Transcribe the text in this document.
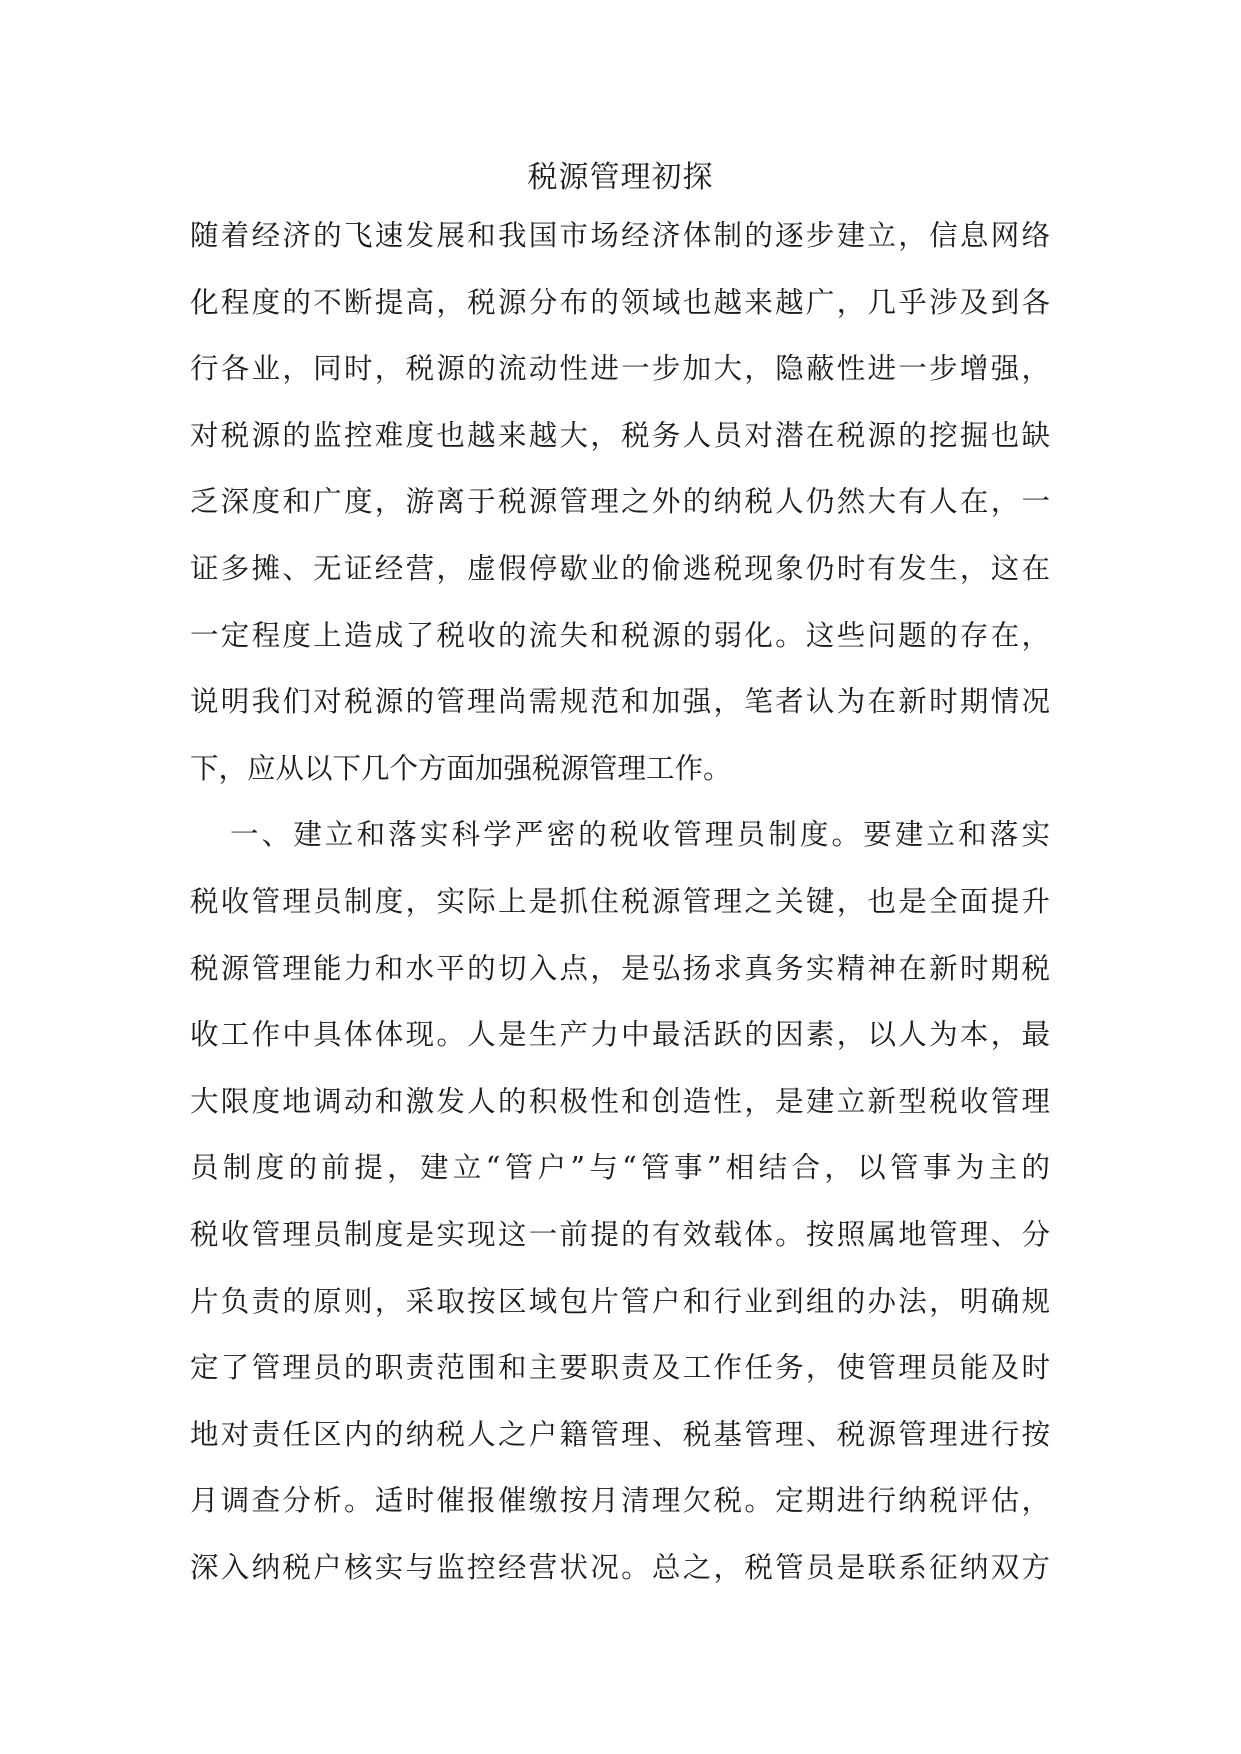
税源管理初探
随着经济的飞速发展和我国市场经济体制的逐步建立，信息网络
化程度的不断提高，税源分布的领域也越来越广，几乎涉及到各
行各业，同时，税源的流动性进一步加大，隐蔽性进一步增强，
对税源的监控难度也越来越大，税务人员对潜在税源的挖掘也缺
乏深度和广度，游离于税源管理之外的纳税人仍然大有人在，一
证多摊、无证经营，虚假停歇业的偷逃税现象仍时有发生，这在
一定程度上造成了税收的流失和税源的弱化。这些问题的存在，
说明我们对税源的管理尚需规范和加强，笔者认为在新时期情况
下，应从以下几个方面加强税源管理工作。
一、建立和落实科学严密的税收管理员制度。要建立和落实
税收管理员制度，实际上是抓住税源管理之关键，也是全面提升
税源管理能力和水平的切入点，是弘扬求真务实精神在新时期税
收工作中具体体现。人是生产力中最活跃的因素，以人为本，最
大限度地调动和激发人的积极性和创造性，是建立新型税收管理
员制度的前提，建立“管户”与“管事”相结合，以管事为主的
税收管理员制度是实现这一前提的有效载体。按照属地管理、分
片负责的原则，采取按区域包片管户和行业到组的办法，明确规
定了管理员的职责范围和主要职责及工作任务，使管理员能及时
地对责任区内的纳税人之户籍管理、税基管理、税源管理进行按
月调查分析。适时催报催缴按月清理欠税。定期进行纳税评估，
深入纳税户核实与监控经营状况。总之，税管员是联系征纳双方
